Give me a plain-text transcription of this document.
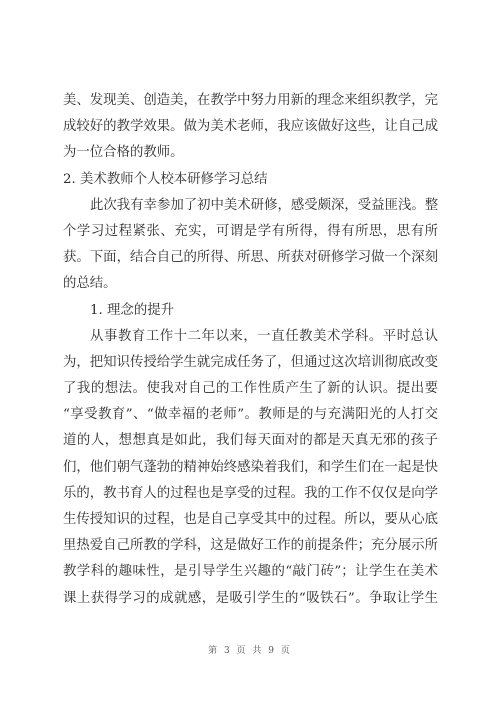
美、发现美、创造美，在教学中努力用新的理念来组织教学，完
成较好的教学效果。做为美术老师，我应该做好这些，让自己成
为一位合格的教师。
2. 美术教师个人校本研修学习总结
此次我有幸参加了初中美术研修，感受颇深，受益匪浅。整
个学习过程紧张、充实，可谓是学有所得，得有所思，思有所
获。下面，结合自己的所得、所思、所获对研修学习做一个深刻
的总结。
1. 理念的提升
从事教育工作十二年以来，一直任教美术学科。平时总认
为，把知识传授给学生就完成任务了，但通过这次培训彻底改变
了我的想法。使我对自己的工作性质产生了新的认识。提出要
“享受教育”、“做幸福的老师”。教师是的与充满阳光的人打交
道的人，想想真是如此，我们每天面对的都是天真无邪的孩子
们，他们朝气蓬勃的精神始终感染着我们，和学生们在一起是快
乐的，教书育人的过程也是享受的过程。我的工作不仅仅是向学
生传授知识的过程，也是自己享受其中的过程。所以，要从心底
里热爱自己所教的学科，这是做好工作的前提条件；充分展示所
教学科的趣味性，是引导学生兴趣的“敲门砖”；让学生在美术
课上获得学习的成就感，是吸引学生的“吸铁石”。争取让学生
第 3 页 共 9 页
